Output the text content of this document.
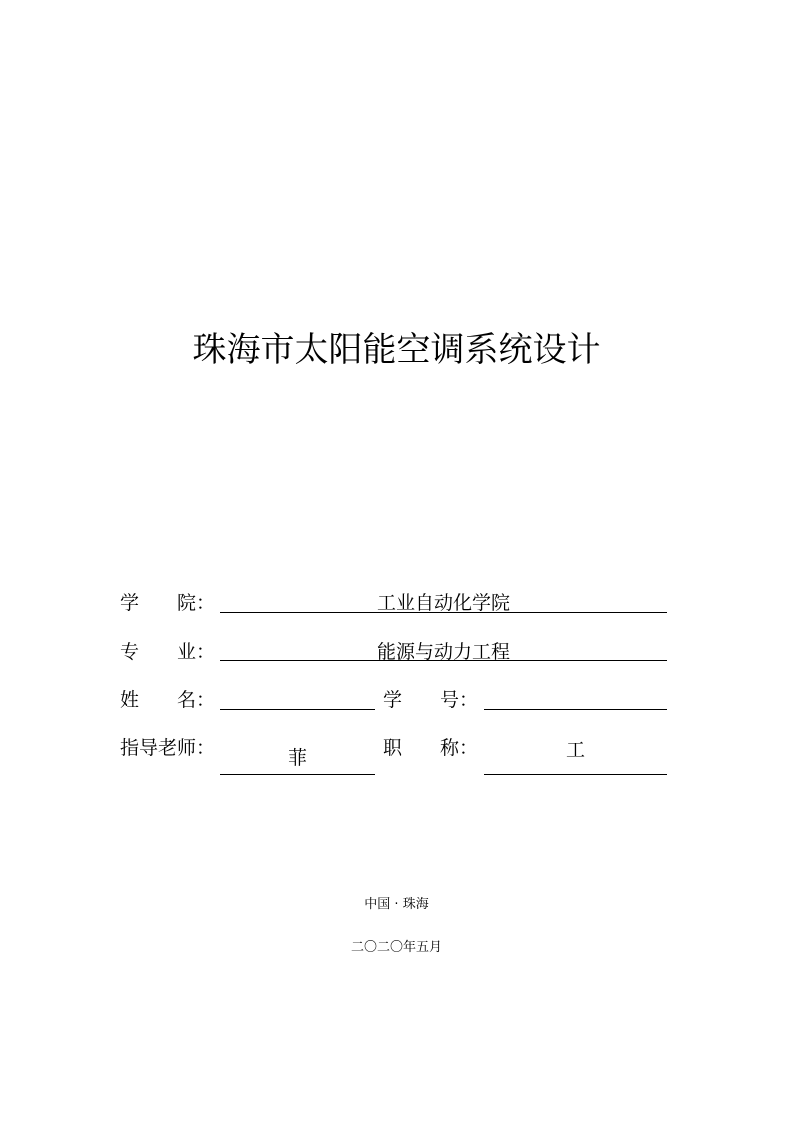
珠海市太阳能空调系统设计
学　　院：	工业自动化学院
专　　业：	能源与动力工程
姓　　名：	学　　号：
指导老师：	菲	职　　称：	工
中国 · 珠海
二〇二〇年五月
